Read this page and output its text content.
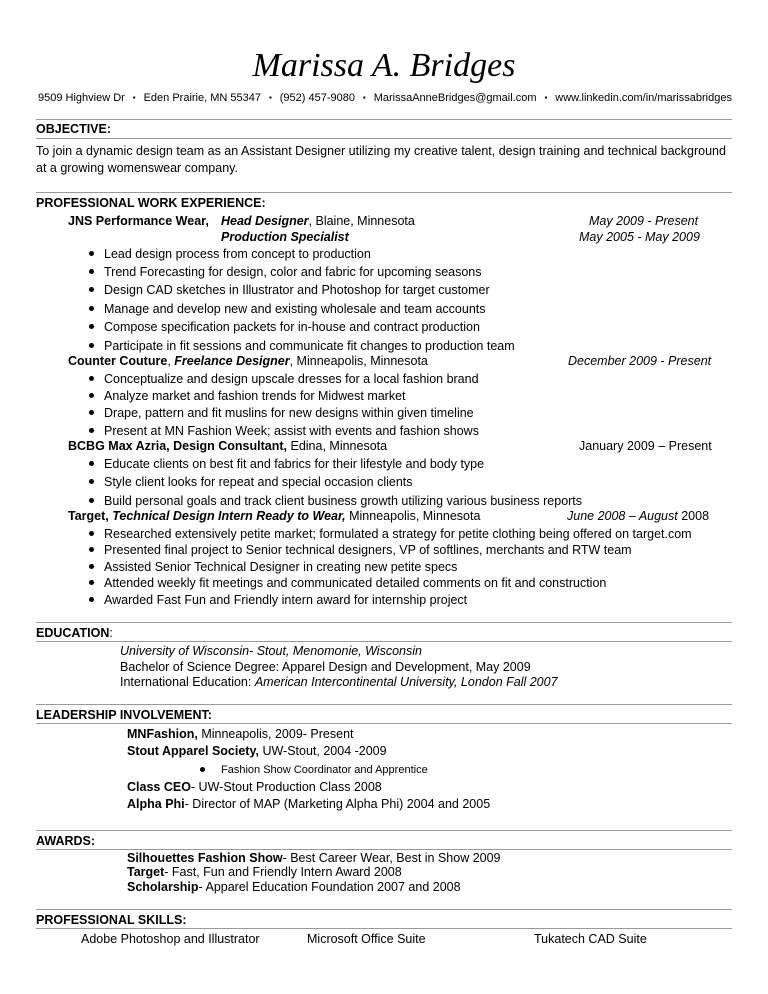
Marissa A. Bridges
9509 Highview Dr ▪ Eden Prairie, MN 55347 ▪ (952) 457-9080 ▪ MarissaAnneBridges@gmail.com ▪ www.linkedin.com/in/marissabridges
OBJECTIVE:
To join a dynamic design team as an Assistant Designer utilizing my creative talent, design training and technical background
at a growing womenswear company.
PROFESSIONAL WORK EXPERIENCE:
JNS Performance Wear, Head Designer, Blaine, Minnesota	May 2009 - Present
Production Specialist	May 2005 - May 2009
Lead design process from concept to production
Trend Forecasting for design, color and fabric for upcoming seasons
Design CAD sketches in Illustrator and Photoshop for target customer
Manage and develop new and existing wholesale and team accounts
Compose specification packets for in-house and contract production
Participate in fit sessions and communicate fit changes to production team
Counter Couture, Freelance Designer, Minneapolis, Minnesota	December 2009 - Present
Conceptualize and design upscale dresses for a local fashion brand
Analyze market and fashion trends for Midwest market
Drape, pattern and fit muslins for new designs within given timeline
Present at MN Fashion Week; assist with events and fashion shows
BCBG Max Azria, Design Consultant, Edina, Minnesota	January 2009 – Present
Educate clients on best fit and fabrics for their lifestyle and body type
Style client looks for repeat and special occasion clients
Build personal goals and track client business growth utilizing various business reports
Target, Technical Design Intern Ready to Wear, Minneapolis, Minnesota	June 2008 – August 2008
Researched extensively petite market; formulated a strategy for petite clothing being offered on target.com
Presented final project to Senior technical designers, VP of softlines, merchants and RTW team
Assisted Senior Technical Designer in creating new petite specs
Attended weekly fit meetings and communicated detailed comments on fit and construction
Awarded Fast Fun and Friendly intern award for internship project
EDUCATION:
University of Wisconsin- Stout, Menomonie, Wisconsin
Bachelor of Science Degree: Apparel Design and Development, May 2009
International Education: American Intercontinental University, London Fall 2007
LEADERSHIP INVOLVEMENT:
MNFashion, Minneapolis, 2009- Present
Stout Apparel Society, UW-Stout, 2004 -2009
Fashion Show Coordinator and Apprentice
Class CEO- UW-Stout Production Class 2008
Alpha Phi- Director of MAP (Marketing Alpha Phi) 2004 and 2005
AWARDS:
Silhouettes Fashion Show- Best Career Wear, Best in Show 2009
Target- Fast, Fun and Friendly Intern Award 2008
Scholarship- Apparel Education Foundation 2007 and 2008
PROFESSIONAL SKILLS:
Adobe Photoshop and Illustrator	Microsoft Office Suite	Tukatech CAD Suite
